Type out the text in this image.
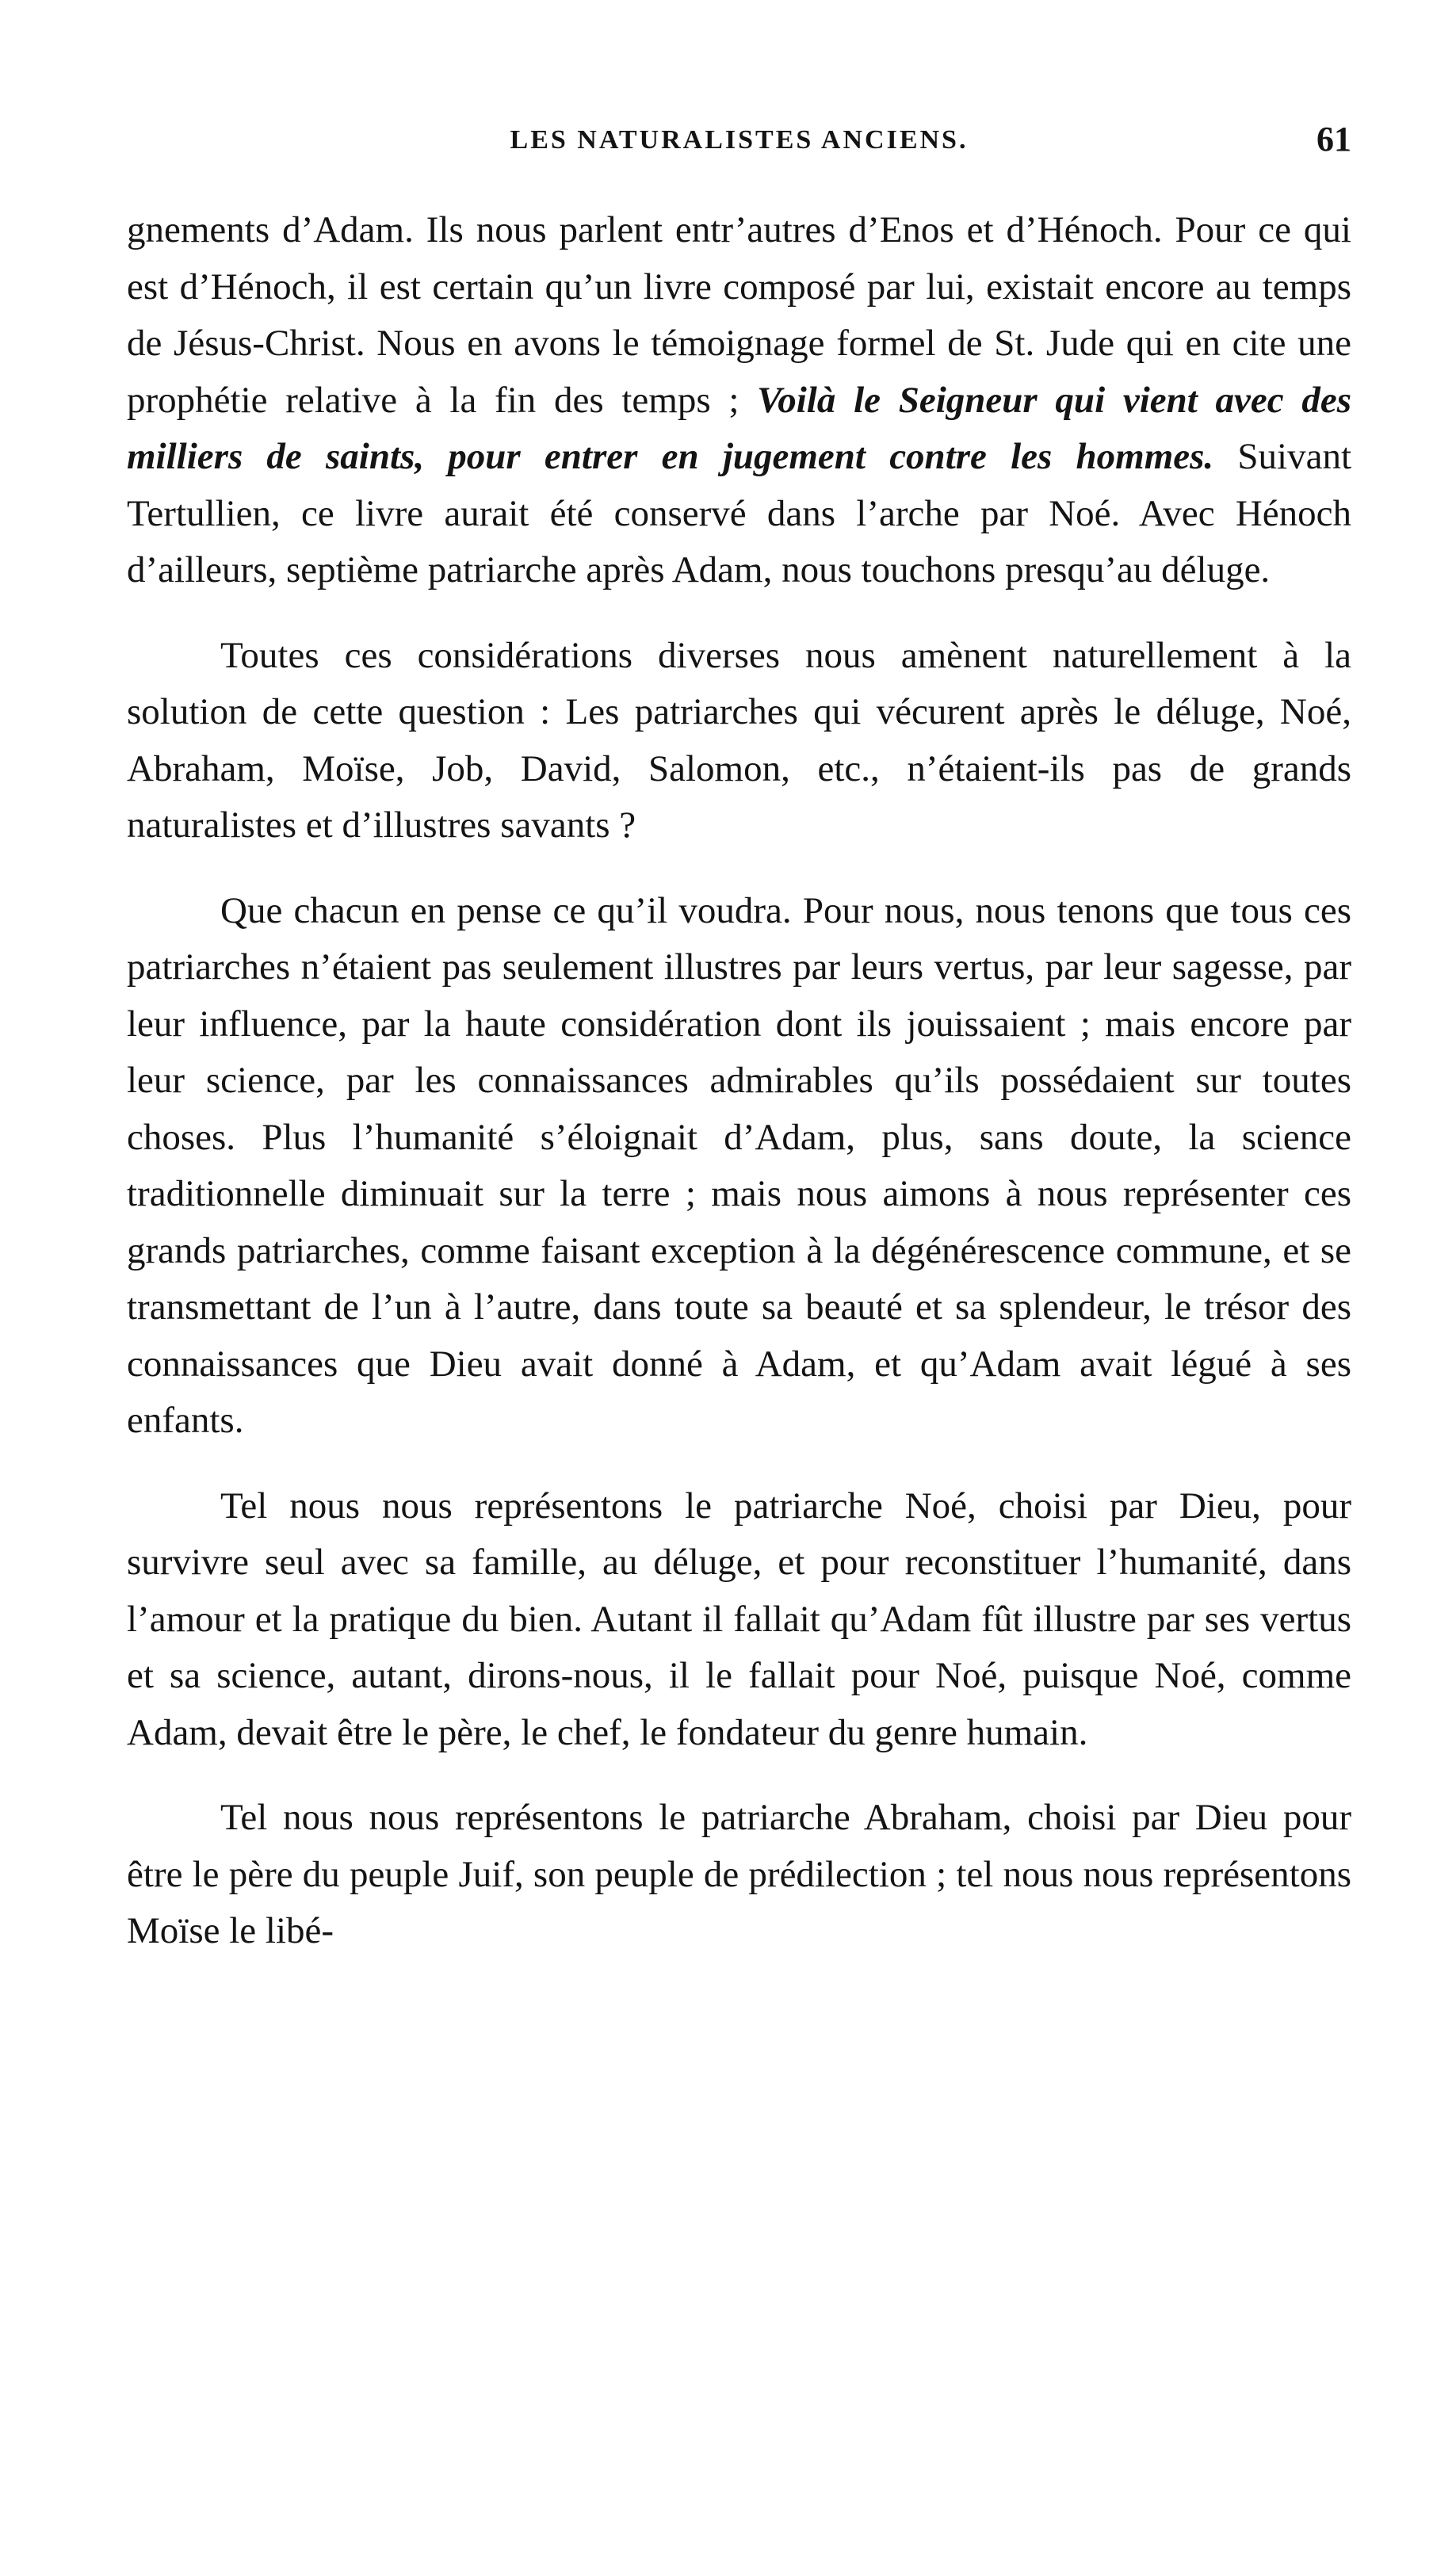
LES NATURALISTES ANCIENS.	61

gnements d’Adam. Ils nous parlent entr’autres d’Enos et d’Hénoch. Pour ce qui est d’Hénoch, il est certain qu’un livre composé par lui, existait encore au temps de Jésus-Christ. Nous en avons le témoignage formel de St. Jude qui en cite une prophétie relative à la fin des temps ; Voilà le Seigneur qui vient avec des milliers de saints, pour entrer en jugement contre les hommes. Suivant Tertullien, ce livre aurait été conservé dans l’arche par Noé. Avec Hénoch d’ailleurs, septième patriarche après Adam, nous touchons presqu’au déluge.

Toutes ces considérations diverses nous amènent naturellement à la solution de cette question : Les patriarches qui vécurent après le déluge, Noé, Abraham, Moïse, Job, David, Salomon, etc., n’étaient-ils pas de grands naturalistes et d’illustres savants ?

Que chacun en pense ce qu’il voudra. Pour nous, nous tenons que tous ces patriarches n’étaient pas seulement illustres par leurs vertus, par leur sagesse, par leur influence, par la haute considération dont ils jouissaient ; mais encore par leur science, par les connaissances admirables qu’ils possédaient sur toutes choses. Plus l’humanité s’éloignait d’Adam, plus, sans doute, la science traditionnelle diminuait sur la terre ; mais nous aimons à nous représenter ces grands patriarches, comme faisant exception à la dégénérescence commune, et se transmettant de l’un à l’autre, dans toute sa beauté et sa splendeur, le trésor des connaissances que Dieu avait donné à Adam, et qu’Adam avait légué à ses enfants.

Tel nous nous représentons le patriarche Noé, choisi par Dieu, pour survivre seul avec sa famille, au déluge, et pour reconstituer l’humanité, dans l’amour et la pratique du bien. Autant il fallait qu’Adam fût illustre par ses vertus et sa science, autant, dirons-nous, il le fallait pour Noé, puisque Noé, comme Adam, devait être le père, le chef, le fondateur du genre humain.

Tel nous nous représentons le patriarche Abraham, choisi par Dieu pour être le père du peuple Juif, son peuple de prédilection ; tel nous nous représentons Moïse le libé-
